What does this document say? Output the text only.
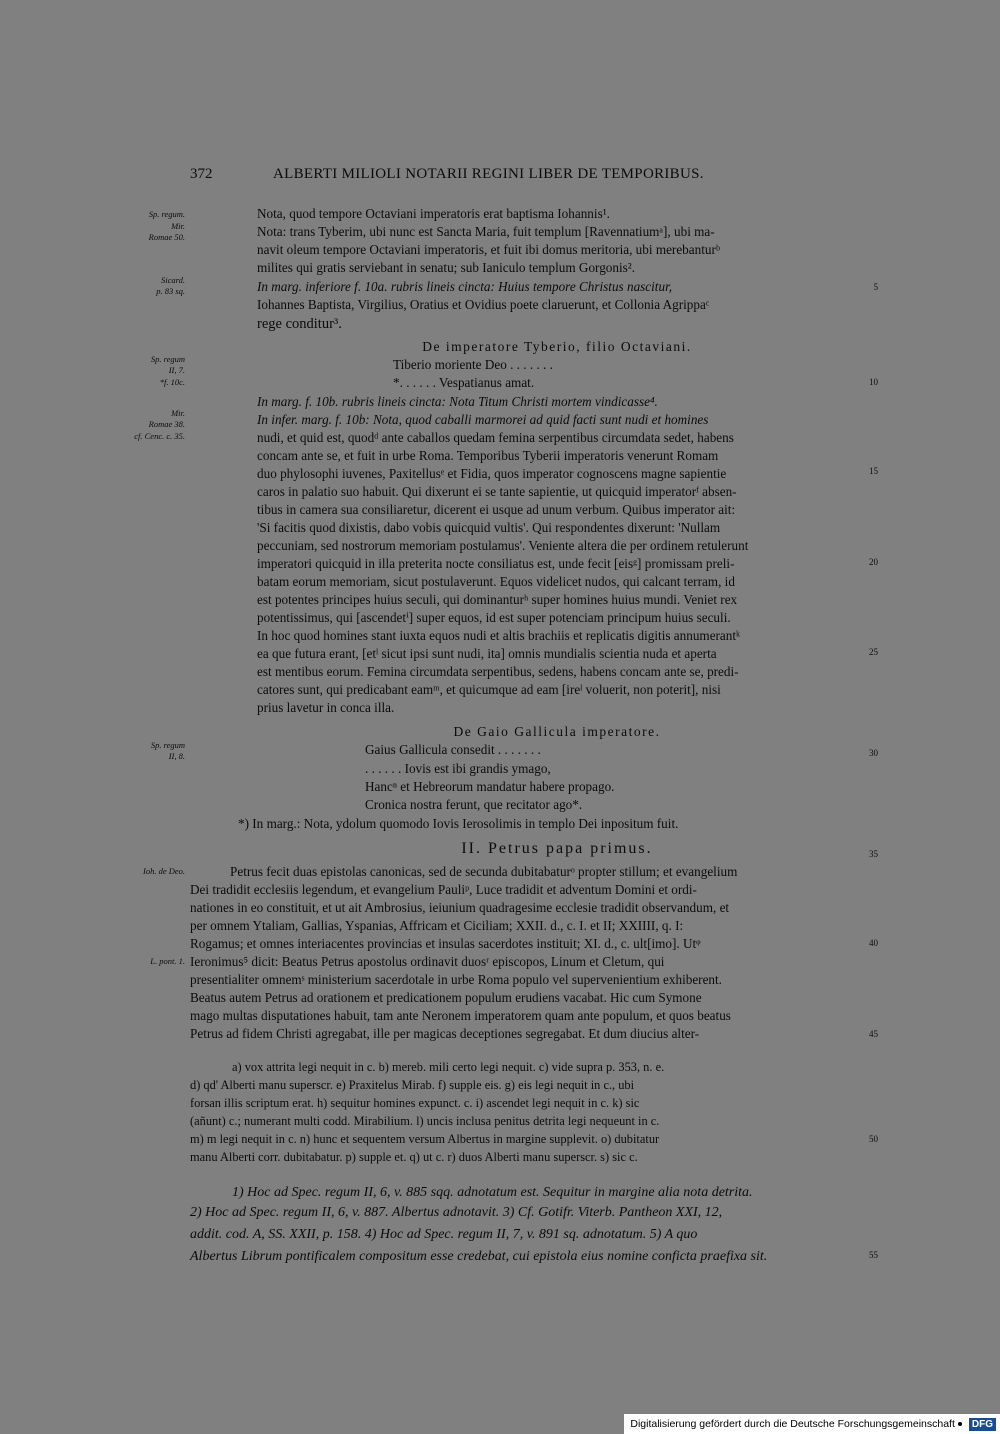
372	ALBERTI MILIOLI NOTARII REGINI LIBER DE TEMPORIBUS.
Sp. regum.
Mir.
Romae 50.
Sicard.
p. 83 sq.
Sp. regum
II, 7.
*f. 10c.
Mir.
Romae 38.
cf. Cenc. c. 35.
Sp. regum
II, 8.
Ioh. de Deo.
L. pont. 1.
5
10
15
20
25
30
35
40
45
50
55
Nota, quod tempore Octaviani imperatoris erat baptisma Iohannis¹.
Nota: trans Tyberim, ubi nunc est Sancta Maria, fuit templum [Ravennatiumᵃ], ubi ma-
navit oleum tempore Octaviani imperatoris, et fuit ibi domus meritoria, ubi merebanturᵇ
milites qui gratis serviebant in senatu; sub Ianiculo templum Gorgonis².
In marg. inferiore f. 10a. rubris lineis cincta: Huius tempore Christus nascitur,
Iohannes Baptista, Virgilius, Oratius et Ovidius poete claruerunt, et Collonia Agrippaᶜ
rege conditur³.
De imperatore Tyberio, filio Octaviani.
Tiberio moriente Deo . . . . . . .
*. . . . . . Vespatianus amat.
In marg. f. 10b. rubris lineis cincta: Nota Titum Christi mortem vindicasse⁴.
In infer. marg. f. 10b: Nota, quod caballi marmorei ad quid facti sunt nudi et homines
nudi, et quid est, quodᵈ ante caballos quedam femina serpentibus circumdata sedet, habens
concam ante se, et fuit in urbe Roma. Temporibus Tyberii imperatoris venerunt Romam
duo phylosophi iuvenes, Paxitellusᵉ et Fidia, quos imperator cognoscens magne sapientie
caros in palatio suo habuit. Qui dixerunt ei se tante sapientie, ut quicquid imperatorᶠ absen-
tibus in camera sua consiliaretur, dicerent ei usque ad unum verbum. Quibus imperator ait:
'Si facitis quod dixistis, dabo vobis quicquid vultis'. Qui respondentes dixerunt: 'Nullam
peccuniam, sed nostrorum memoriam postulamus'. Veniente altera die per ordinem retulerunt
imperatori quicquid in illa preterita nocte consiliatus est, unde fecit [eisᵍ] promissam preli-
batam eorum memoriam, sicut postulaverunt. Equos videlicet nudos, qui calcant terram, id
est potentes principes huius seculi, qui dominanturʰ super homines huius mundi. Veniet rex
potentissimus, qui [ascendetⁱ] super equos, id est super potenciam principum huius seculi.
In hoc quod homines stant iuxta equos nudi et altis brachiis et replicatis digitis annumerantᵏ
ea que futura erant, [etˡ sicut ipsi sunt nudi, ita] omnis mundialis scientia nuda et aperta
est mentibus eorum. Femina circumdata serpentibus, sedens, habens concam ante se, predi-
catores sunt, qui predicabant eamᵐ, et quicumque ad eam [ireˡ voluerit, non poterit], nisi
prius lavetur in conca illa.
De Gaio Gallicula imperatore.
Gaius Gallicula consedit . . . . . . .
. . . . . . Iovis est ibi grandis ymago,
Hancⁿ et Hebreorum mandatur habere propago.
Cronica nostra ferunt, que recitator ago*.
*) In marg.: Nota, ydolum quomodo Iovis Ierosolimis in templo Dei inpositum fuit.
II. Petrus papa primus.
Petrus fecit duas epistolas canonicas, sed de secunda dubitabaturᵒ propter stillum; et evangelium
Dei tradidit ecclesiis legendum, et evangelium Pauliᵖ, Luce tradidit et adventum Domini et ordi-
nationes in eo constituit, et ut ait Ambrosius, ieiunium quadragesime ecclesie tradidit observandum, et
per omnem Ytaliam, Gallias, Yspanias, Affricam et Ciciliam; XXII. d., c. I. et II; XXIIII, q. I:
Rogamus; et omnes interiacentes provincias et insulas sacerdotes instituit; XI. d., c. ult[imo]. Utᵠ
Ieronimus⁵ dicit: Beatus Petrus apostolus ordinavit duosʳ episcopos, Linum et Cletum, qui
presentialiter omnemˢ ministerium sacerdotale in urbe Roma populo vel supervenientium exhiberent.
Beatus autem Petrus ad orationem et predicationem populum erudiens vacabat. Hic cum Symone
mago multas disputationes habuit, tam ante Neronem imperatorem quam ante populum, et quos beatus
Petrus ad fidem Christi agregabat, ille per magicas deceptiones segregabat. Et dum diucius alter-
a) vox attrita legi nequit in c. b) mereb. mili certo legi nequit. c) vide supra p. 353, n. e.
d) qd' Alberti manu superscr. e) Praxitelus Mirab. f) supple eis. g) eis legi nequit in c., ubi
forsan illis scriptum erat. h) sequitur homines expunct. c. i) ascendet legi nequit in c. k) sic
(añunt) c.; numerant multi codd. Mirabilium. l) uncis inclusa penitus detrita legi nequeunt in c.
m) m legi nequit in c. n) hunc et sequentem versum Albertus in margine supplevit. o) dubitatur
manu Alberti corr. dubitabatur. p) supple et. q) ut c. r) duos Alberti manu superscr. s) sic c.
1) Hoc ad Spec. regum II, 6, v. 885 sqq. adnotatum est. Sequitur in margine alia nota detrita.
2) Hoc ad Spec. regum II, 6, v. 887. Albertus adnotavit. 3) Cf. Gotifr. Viterb. Pantheon XXI, 12,
addit. cod. A, SS. XXII, p. 158. 4) Hoc ad Spec. regum II, 7, v. 891 sq. adnotatum. 5) A quo
Albertus Librum pontificalem compositum esse credebat, cui epistola eius nomine conficta praefixa sit.
Digitalisierung gefördert durch die Deutsche Forschungsgemeinschaft	DFG
